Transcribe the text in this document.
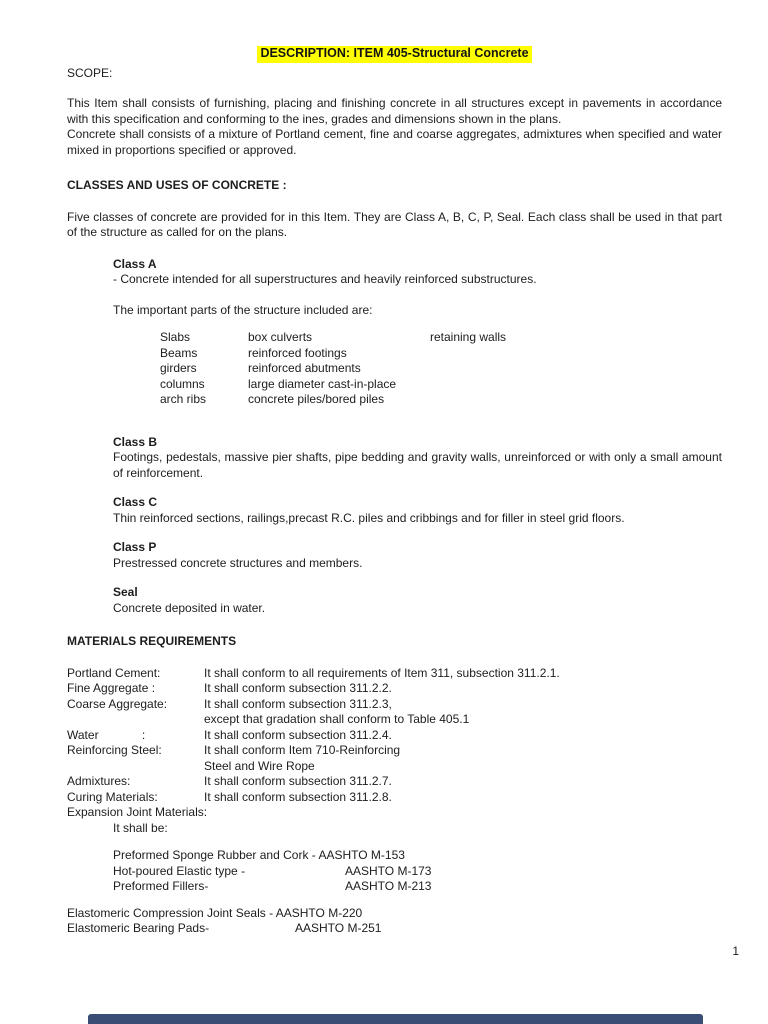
DESCRIPTION: ITEM 405-Structural Concrete
SCOPE:
This Item shall consists of furnishing, placing and finishing concrete in all structures except in pavements in accordance with this specification and conforming to the ines, grades and dimensions shown in the plans.
Concrete shall consists of a mixture of Portland cement, fine and coarse aggregates, admixtures when specified and water mixed in proportions specified or approved.
CLASSES AND USES OF CONCRETE :
Five classes of concrete are provided for in this Item. They are Class A, B, C, P, Seal. Each class shall be used in that part of the structure as called for on the plans.
Class A
- Concrete intended for all superstructures and heavily reinforced substructures.
The important parts of the structure included are:
Slabs	box culverts	retaining walls
Beams	reinforced footings
girders	reinforced abutments
columns	large diameter cast-in-place
arch ribs	concrete piles/bored piles
Class B
Footings, pedestals, massive pier shafts, pipe bedding and gravity walls, unreinforced or with only a small amount of reinforcement.
Class C
Thin reinforced sections, railings,precast R.C. piles and cribbings and for filler in steel grid floors.
Class P
Prestressed concrete structures and members.
Seal
Concrete deposited in water.
MATERIALS REQUIREMENTS
Portland Cement:	It shall conform to all requirements of Item 311, subsection 311.2.1.
Fine Aggregate :	It shall conform subsection 311.2.2.
Coarse Aggregate:	It shall conform subsection 311.2.3,
except that gradation shall conform to Table 405.1
Water             :	It shall conform subsection 311.2.4.
Reinforcing Steel:	It shall conform Item 710-Reinforcing
Steel and Wire Rope
Admixtures:	It shall conform subsection 311.2.7.
Curing Materials:	It shall conform subsection 311.2.8.
Expansion Joint Materials:
It shall be:
Preformed Sponge Rubber and Cork - AASHTO M-153
Hot-poured Elastic type -	AASHTO M-173
Preformed Fillers-	AASHTO M-213
Elastomeric Compression Joint Seals - AASHTO M-220
Elastomeric Bearing Pads-	AASHTO M-251
1
